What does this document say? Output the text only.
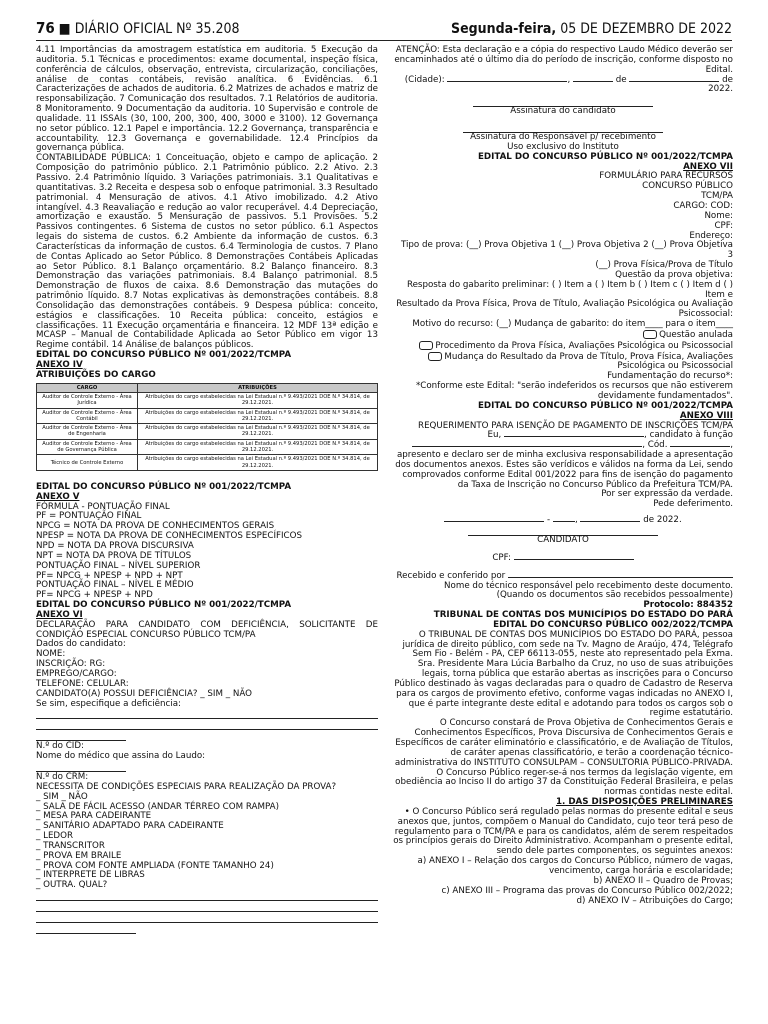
76 ■ DIÁRIO OFICIAL Nº 35.208	Segunda-feira, 05 DE DEZEMBRO DE 2022

4.11 Importâncias da amostragem estatística em auditoria. 5 Execução da auditoria. 5.1 Técnicas e procedimentos: exame documental, inspeção física, conferência de cálculos, observação, entrevista, circularização, conciliações, análise de contas contábeis, revisão analítica. 6 Evidências. 6.1 Caracterizações de achados de auditoria. 6.2 Matrizes de achados e matriz de responsabilização. 7 Comunicação dos resultados. 7.1 Relatórios de auditoria. 8 Monitoramento. 9 Documentação da auditoria. 10 Supervisão e controle de qualidade. 11 ISSAIs (30, 100, 200, 300, 400, 3000 e 3100). 12 Governança no setor público. 12.1 Papel e importância. 12.2 Governança, transparência e accountability. 12.3 Governança e governabilidade. 12.4 Princípios da governança pública.

CONTABILIDADE PÚBLICA: 1 Conceituação, objeto e campo de aplicação. 2 Composição do patrimônio público. 2.1 Patrimônio público. 2.2 Ativo. 2.3 Passivo. 2.4 Patrimônio líquido. 3 Variações patrimoniais. 3.1 Qualitativas e quantitativas. 3.2 Receita e despesa sob o enfoque patrimonial. 3.3 Resultado patrimonial. 4 Mensuração de ativos. 4.1 Ativo imobilizado. 4.2 Ativo intangível. 4.3 Reavaliação e redução ao valor recuperável. 4.4 Depreciação, amortização e exaustão. 5 Mensuração de passivos. 5.1 Provisões. 5.2 Passivos contingentes. 6 Sistema de custos no setor público. 6.1 Aspectos legais do sistema de custos. 6.2 Ambiente da informação de custos. 6.3 Características da informação de custos. 6.4 Terminologia de custos. 7 Plano de Contas Aplicado ao Setor Público. 8 Demonstrações Contábeis Aplicadas ao Setor Público. 8.1 Balanço orçamentário. 8.2 Balanço financeiro. 8.3 Demonstração das variações patrimoniais. 8.4 Balanço patrimonial. 8.5 Demonstração de fluxos de caixa. 8.6 Demonstração das mutações do patrimônio líquido. 8.7 Notas explicativas às demonstrações contábeis. 8.8 Consolidação das demonstrações contábeis. 9 Despesa pública: conceito, estágios e classificações. 10 Receita pública: conceito, estágios e classificações. 11 Execução orçamentária e financeira. 12 MDF 13ª edição e MCASP – Manual de Contabilidade Aplicada ao Setor Público em vigor 13 Regime contábil. 14 Análise de balanços públicos.

EDITAL DO CONCURSO PÚBLICO Nº 001/2022/TCMPA

ANEXO IV

ATRIBUIÇÕES DO CARGO

CARGO	ATRIBUIÇÕES
Auditor de Controle Externo - Área Jurídica	Atribuições do cargo estabelecidas na Lei Estadual n.º 9.493/2021 DOE N.º 34.814, de 29.12.2021.
Auditor de Controle Externo - Área Contábil	Atribuições do cargo estabelecidas na Lei Estadual n.º 9.493/2021 DOE N.º 34.814, de 29.12.2021.
Auditor de Controle Externo - Área de Engenharia	Atribuições do cargo estabelecidas na Lei Estadual n.º 9.493/2021 DOE N.º 34.814, de 29.12.2021.
Auditor de Controle Externo - Área de Governança Pública	Atribuições do cargo estabelecidas na Lei Estadual n.º 9.493/2021 DOE N.º 34.814, de 29.12.2021.
Técnico de Controle Externo	Atribuições do cargo estabelecidas na Lei Estadual n.º 9.493/2021 DOE N.º 34.814, de 29.12.2021.

EDITAL DO CONCURSO PÚBLICO Nº 001/2022/TCMPA

ANEXO V

FÓRMULA - PONTUAÇÃO FINAL

PF = PONTUAÇÃO FINAL

NPCG = NOTA DA PROVA DE CONHECIMENTOS GERAIS

NPESP = NOTA DA PROVA DE CONHECIMENTOS ESPECÍFICOS

NPD = NOTA DA PROVA DISCURSIVA

NPT = NOTA DA PROVA DE TÍTULOS

PONTUAÇÃO FINAL – NÍVEL SUPERIOR

PF= NPCG + NPESP + NPD + NPT

PONTUAÇÃO FINAL – NÍVEL E MÉDIO

PF= NPCG + NPESP + NPD

EDITAL DO CONCURSO PÚBLICO Nº 001/2022/TCMPA

ANEXO VI

DECLARAÇÃO PARA CANDIDATO COM DEFICIÊNCIA, SOLICITANTE DE CONDIÇÃO ESPECIAL CONCURSO PÚBLICO TCM/PA

Dados do candidato:

NOME:

INSCRIÇÃO: RG:

EMPREGO/CARGO:

TELEFONE: CELULAR:

CANDIDATO(A) POSSUI DEFICIÊNCIA? _ SIM _ NÃO

Se sim, especifique a deficiência:

N.º do CID:

Nome do médico que assina do Laudo:

N.º do CRM:

NECESSITA DE CONDIÇÕES ESPECIAIS PARA REALIZAÇÃO DA PROVA?

_ SIM _ NÃO

_ SALA DE FÁCIL ACESSO (ANDAR TÉRREO COM RAMPA)

_ MESA PARA CADEIRANTE

_ SANITÁRIO ADAPTADO PARA CADEIRANTE

_ LEDOR

_ TRANSCRITOR

_ PROVA EM BRAILE

_ PROVA COM FONTE AMPLIADA (FONTE TAMANHO 24)

_ INTERPRETE DE LIBRAS

_ OUTRA. QUAL?

ATENÇÃO: Esta declaração e a cópia do respectivo Laudo Médico deverão ser encaminhados até o último dia do período de inscrição, conforme disposto no Edital.

(Cidade):	,	de	de 2022.

Assinatura do candidato

Assinatura do Responsável p/ recebimento

Uso exclusivo do Instituto

EDITAL DO CONCURSO PÚBLICO Nº 001/2022/TCMPA

ANEXO VII

FORMULÁRIO PARA RECURSOS

CONCURSO PÚBLICO

TCM/PA

CARGO: COD:

Nome:

CPF:

Endereço:

Tipo de prova: (__) Prova Objetiva 1 (__) Prova Objetiva 2 (__) Prova Objetiva 3

(__) Prova Física/Prova de Título

Questão da prova objetiva:

Resposta do gabarito preliminar: ( ) Item a ( ) Item b ( ) Item c ( ) Item d ( ) Item e

Resultado da Prova Física, Prova de Título, Avaliação Psicológica ou Avaliação Psicossocial:

Motivo do recurso: (__) Mudança de gabarito: do item____ para o item____

Questão anulada

Procedimento da Prova Física, Avaliações Psicológica ou Psicossocial

Mudança do Resultado da Prova de Título, Prova Física, Avaliações Psicológica ou Psicossocial

Fundamentação do recurso*:

*Conforme este Edital: "serão indeferidos os recursos que não estiverem devidamente fundamentados".

EDITAL DO CONCURSO PÚBLICO Nº 001/2022/TCMPA

ANEXO VIII

REQUERIMENTO PARA ISENÇÃO DE PAGAMENTO DE INSCRIÇÕES TCM/PA

Eu,	, candidato à função , Cód.	, apresento e declaro ser de minha exclusiva responsabilidade a apresentação dos documentos anexos. Estes são verídicos e válidos na forma da Lei, sendo comprovados conforme Edital 001/2022 para fins de isenção do pagamento da Taxa de Inscrição no Concurso Público da Prefeitura TCM/PA.

Por ser expressão da verdade.

Pede deferimento.

-	,	de 2022.

CANDIDATO

CPF:

Recebido e conferido por

Nome do técnico responsável pelo recebimento deste documento.

(Quando os documentos são recebidos pessoalmente)

Protocolo: 884352

TRIBUNAL DE CONTAS DOS MUNICÍPIOS DO ESTADO DO PARÁ

EDITAL DO CONCURSO PÚBLICO 002/2022/TCMPA

O TRIBUNAL DE CONTAS DOS MUNICÍPIOS DO ESTADO DO PARÁ, pessoa jurídica de direito público, com sede na Tv. Magno de Araújo, 474, Telégrafo Sem Fio - Belém - PA, CEP 66113-055, neste ato representado pela Exma. Sra. Presidente Mara Lúcia Barbalho da Cruz, no uso de suas atribuições legais, torna pública que estarão abertas as inscrições para o Concurso Público destinado às vagas declaradas para o quadro de Cadastro de Reserva para os cargos de provimento efetivo, conforme vagas indicadas no ANEXO I, que é parte integrante deste edital e adotando para todos os cargos sob o regime estatutário.

O Concurso constará de Prova Objetiva de Conhecimentos Gerais e Conhecimentos Específicos, Prova Discursiva de Conhecimentos Gerais e Específicos de caráter eliminatório e classificatório, e de Avaliação de Títulos, de caráter apenas classificatório, e terão a coordenação técnico-administrativa do INSTITUTO CONSULPAM – CONSULTORIA PÚBLICO-PRIVADA. O Concurso Público reger-se-á nos termos da legislação vigente, em obediência ao Inciso II do artigo 37 da Constituição Federal Brasileira, e pelas normas contidas neste edital.

1. DAS DISPOSIÇÕES PRELIMINARES

• O Concurso Público será regulado pelas normas do presente edital e seus anexos que, juntos, compõem o Manual do Candidato, cujo teor terá peso de regulamento para o TCM/PA e para os candidatos, além de serem respeitados os princípios gerais do Direito Administrativo. Acompanham o presente edital, sendo dele partes componentes, os seguintes anexos:

a) ANEXO I – Relação dos cargos do Concurso Público, número de vagas, vencimento, carga horária e escolaridade;

b) ANEXO II – Quadro de Provas;

c) ANEXO III – Programa das provas do Concurso Público 002/2022;

d) ANEXO IV – Atribuições do Cargo;
